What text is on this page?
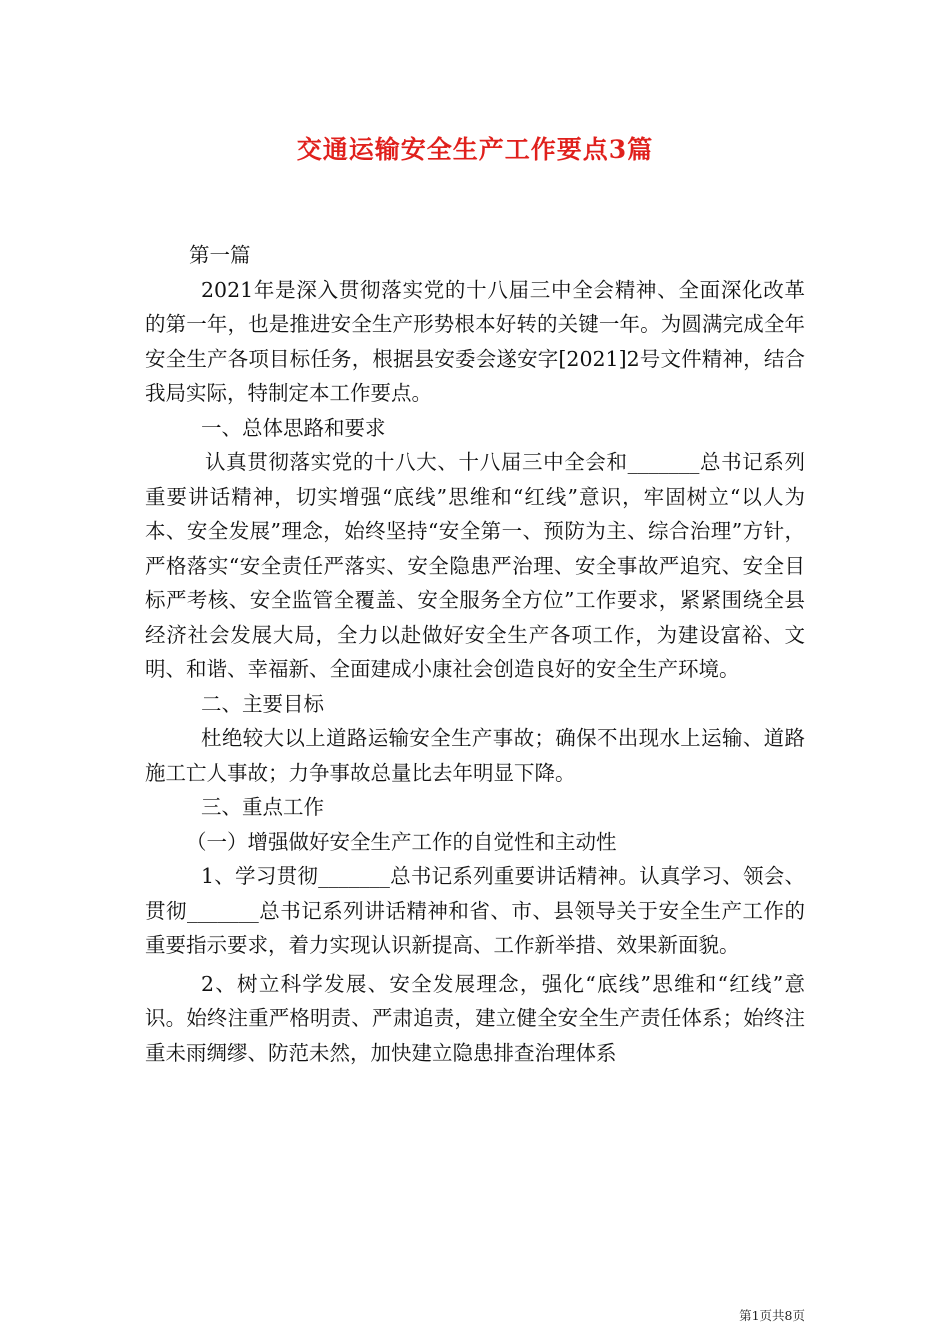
交通运输安全生产工作要点3篇

第一篇

2021年是深入贯彻落实党的十八届三中全会精神、全面深化改革的第一年，也是推进安全生产形势根本好转的关键一年。为圆满完成全年安全生产各项目标任务，根据县安委会遂安字[2021]2号文件精神，结合我局实际，特制定本工作要点。

一、总体思路和要求

认真贯彻落实党的十八大、十八届三中全会和_______总书记系列重要讲话精神，切实增强“底线”思维和“红线”意识，牢固树立“以人为本、安全发展”理念，始终坚持“安全第一、预防为主、综合治理”方针，严格落实“安全责任严落实、安全隐患严治理、安全事故严追究、安全目标严考核、安全监管全覆盖、安全服务全方位”工作要求，紧紧围绕全县经济社会发展大局，全力以赴做好安全生产各项工作，为建设富裕、文明、和谐、幸福新、全面建成小康社会创造良好的安全生产环境。

二、主要目标

杜绝较大以上道路运输安全生产事故；确保不出现水上运输、道路施工亡人事故；力争事故总量比去年明显下降。

三、重点工作

（一）增强做好安全生产工作的自觉性和主动性

1、学习贯彻_______总书记系列重要讲话精神。认真学习、领会、贯彻_______总书记系列讲话精神和省、市、县领导关于安全生产工作的重要指示要求，着力实现认识新提高、工作新举措、效果新面貌。

2、树立科学发展、安全发展理念，强化“底线”思维和“红线”意识。始终注重严格明责、严肃追责，建立健全安全生产责任体系；始终注重未雨绸缪、防范未然，加快建立隐患排查治理体系

第1页共8页
